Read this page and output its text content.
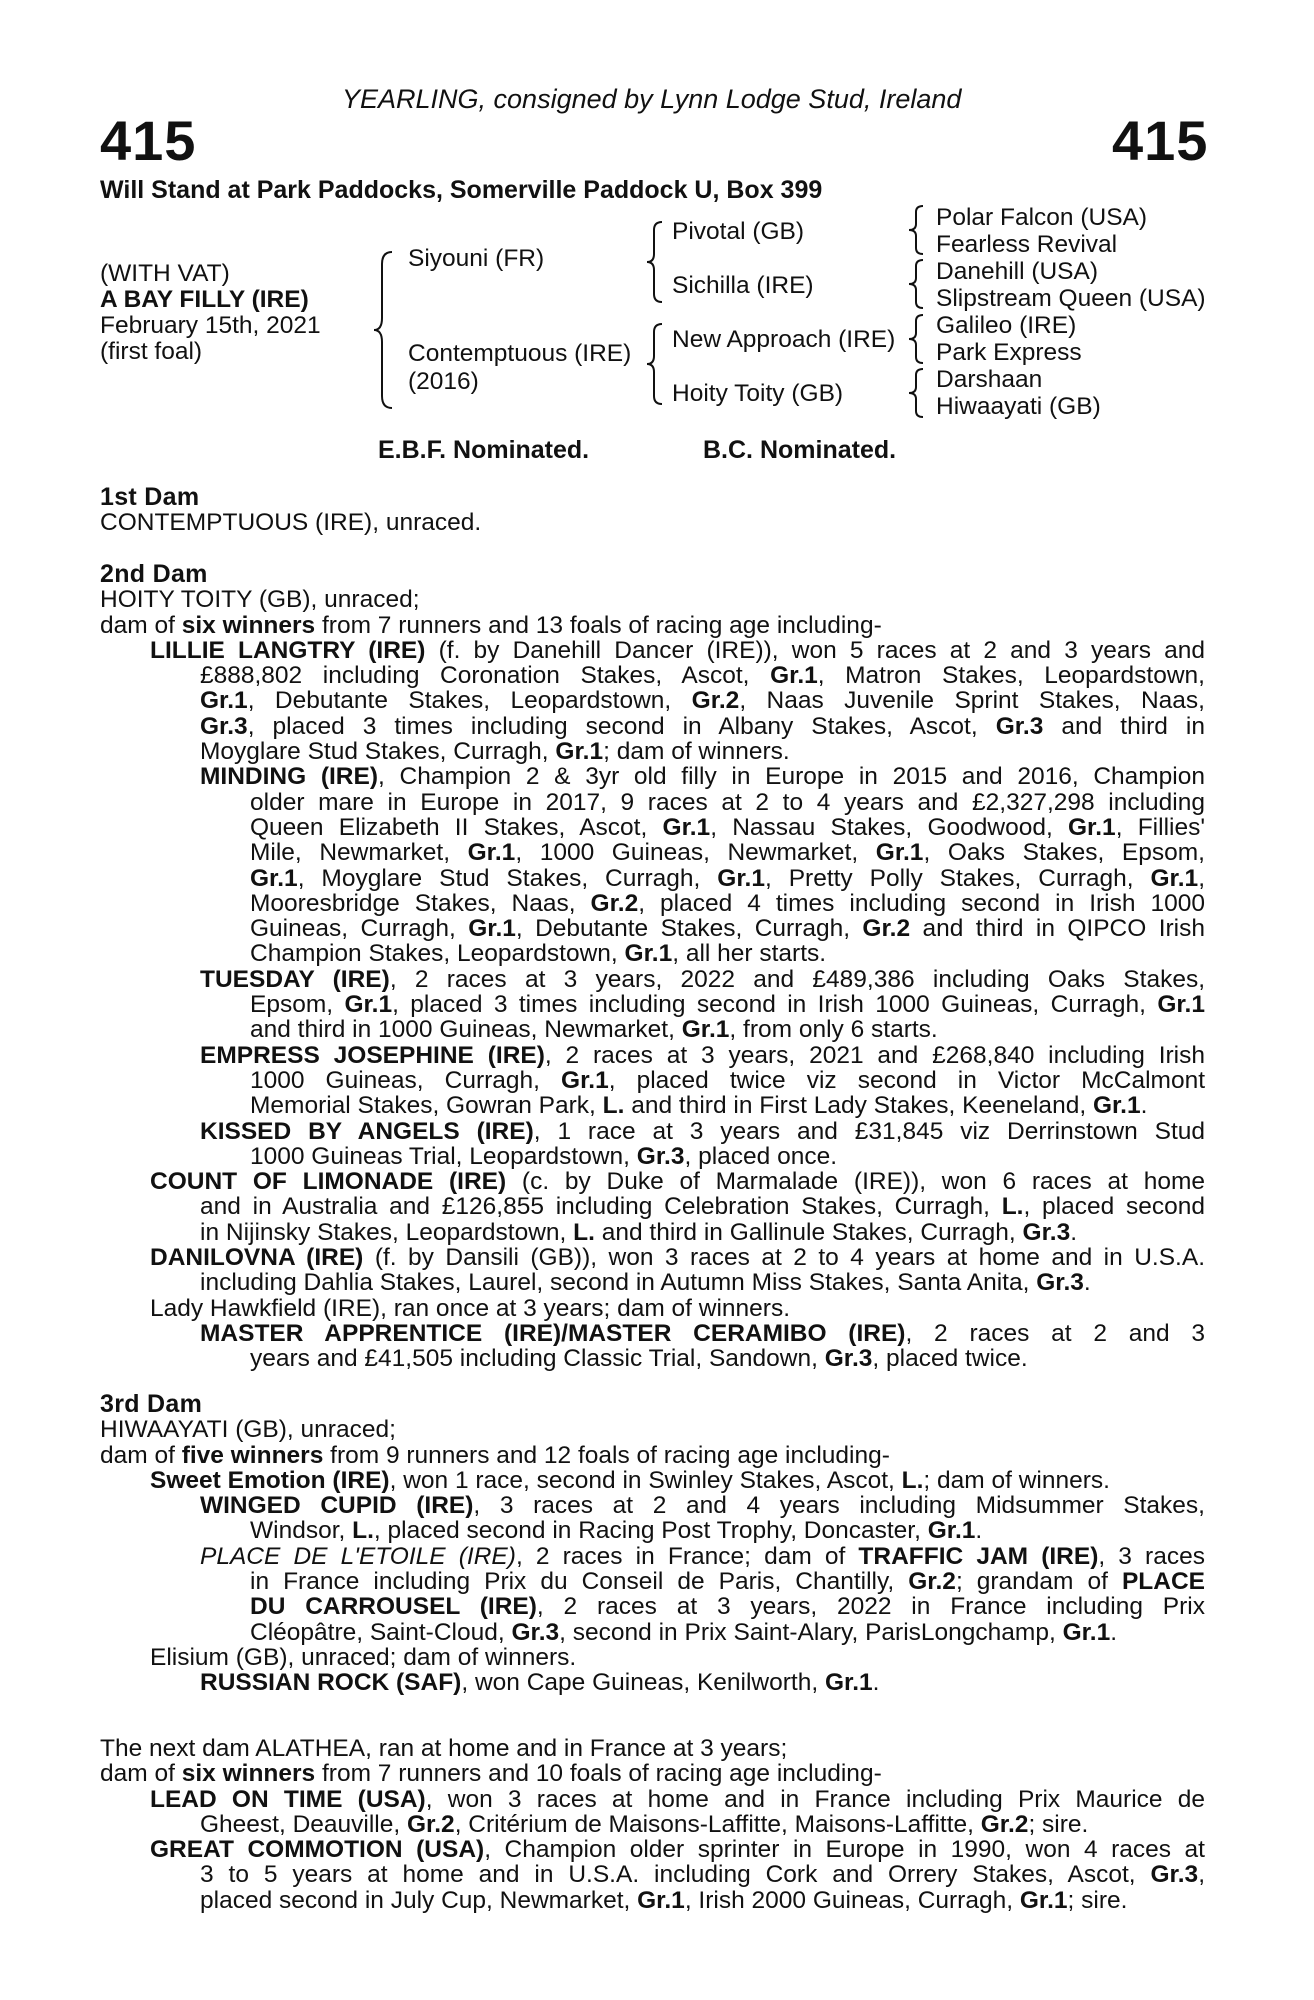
YEARLING, consigned by Lynn Lodge Stud, Ireland
415	415
Will Stand at Park Paddocks, Somerville Paddock U, Box 399
(WITH VAT)
A BAY FILLY (IRE)
February 15th, 2021
(first foal)
Siyouni (FR)
Contemptuous (IRE)
(2016)
Pivotal (GB)
Sichilla (IRE)
New Approach (IRE)
Hoity Toity (GB)
Polar Falcon (USA)
Fearless Revival
Danehill (USA)
Slipstream Queen (USA)
Galileo (IRE)
Park Express
Darshaan
Hiwaayati (GB)
E.B.F. Nominated.	B.C. Nominated.
1st Dam
CONTEMPTUOUS (IRE), unraced.
2nd Dam
HOITY TOITY (GB), unraced;
dam of six winners from 7 runners and 13 foals of racing age including-
LILLIE LANGTRY (IRE) (f. by Danehill Dancer (IRE)), won 5 races at 2 and 3 years and
£888,802 including Coronation Stakes, Ascot, Gr.1, Matron Stakes, Leopardstown,
Gr.1, Debutante Stakes, Leopardstown, Gr.2, Naas Juvenile Sprint Stakes, Naas,
Gr.3, placed 3 times including second in Albany Stakes, Ascot, Gr.3 and third in
Moyglare Stud Stakes, Curragh, Gr.1; dam of winners.
MINDING (IRE), Champion 2 & 3yr old filly in Europe in 2015 and 2016, Champion
older mare in Europe in 2017, 9 races at 2 to 4 years and £2,327,298 including
Queen Elizabeth II Stakes, Ascot, Gr.1, Nassau Stakes, Goodwood, Gr.1, Fillies'
Mile, Newmarket, Gr.1, 1000 Guineas, Newmarket, Gr.1, Oaks Stakes, Epsom,
Gr.1, Moyglare Stud Stakes, Curragh, Gr.1, Pretty Polly Stakes, Curragh, Gr.1,
Mooresbridge Stakes, Naas, Gr.2, placed 4 times including second in Irish 1000
Guineas, Curragh, Gr.1, Debutante Stakes, Curragh, Gr.2 and third in QIPCO Irish
Champion Stakes, Leopardstown, Gr.1, all her starts.
TUESDAY (IRE), 2 races at 3 years, 2022 and £489,386 including Oaks Stakes,
Epsom, Gr.1, placed 3 times including second in Irish 1000 Guineas, Curragh, Gr.1
and third in 1000 Guineas, Newmarket, Gr.1, from only 6 starts.
EMPRESS JOSEPHINE (IRE), 2 races at 3 years, 2021 and £268,840 including Irish
1000 Guineas, Curragh, Gr.1, placed twice viz second in Victor McCalmont
Memorial Stakes, Gowran Park, L. and third in First Lady Stakes, Keeneland, Gr.1.
KISSED BY ANGELS (IRE), 1 race at 3 years and £31,845 viz Derrinstown Stud
1000 Guineas Trial, Leopardstown, Gr.3, placed once.
COUNT OF LIMONADE (IRE) (c. by Duke of Marmalade (IRE)), won 6 races at home
and in Australia and £126,855 including Celebration Stakes, Curragh, L., placed second
in Nijinsky Stakes, Leopardstown, L. and third in Gallinule Stakes, Curragh, Gr.3.
DANILOVNA (IRE) (f. by Dansili (GB)), won 3 races at 2 to 4 years at home and in U.S.A.
including Dahlia Stakes, Laurel, second in Autumn Miss Stakes, Santa Anita, Gr.3.
Lady Hawkfield (IRE), ran once at 3 years; dam of winners.
MASTER APPRENTICE (IRE)/MASTER CERAMIBO (IRE), 2 races at 2 and 3
years and £41,505 including Classic Trial, Sandown, Gr.3, placed twice.
3rd Dam
HIWAAYATI (GB), unraced;
dam of five winners from 9 runners and 12 foals of racing age including-
Sweet Emotion (IRE), won 1 race, second in Swinley Stakes, Ascot, L.; dam of winners.
WINGED CUPID (IRE), 3 races at 2 and 4 years including Midsummer Stakes,
Windsor, L., placed second in Racing Post Trophy, Doncaster, Gr.1.
PLACE DE L'ETOILE (IRE), 2 races in France; dam of TRAFFIC JAM (IRE), 3 races
in France including Prix du Conseil de Paris, Chantilly, Gr.2; grandam of PLACE
DU CARROUSEL (IRE), 2 races at 3 years, 2022 in France including Prix
Cléopâtre, Saint-Cloud, Gr.3, second in Prix Saint-Alary, ParisLongchamp, Gr.1.
Elisium (GB), unraced; dam of winners.
RUSSIAN ROCK (SAF), won Cape Guineas, Kenilworth, Gr.1.
The next dam ALATHEA, ran at home and in France at 3 years;
dam of six winners from 7 runners and 10 foals of racing age including-
LEAD ON TIME (USA), won 3 races at home and in France including Prix Maurice de
Gheest, Deauville, Gr.2, Critérium de Maisons-Laffitte, Maisons-Laffitte, Gr.2; sire.
GREAT COMMOTION (USA), Champion older sprinter in Europe in 1990, won 4 races at
3 to 5 years at home and in U.S.A. including Cork and Orrery Stakes, Ascot, Gr.3,
placed second in July Cup, Newmarket, Gr.1, Irish 2000 Guineas, Curragh, Gr.1; sire.
